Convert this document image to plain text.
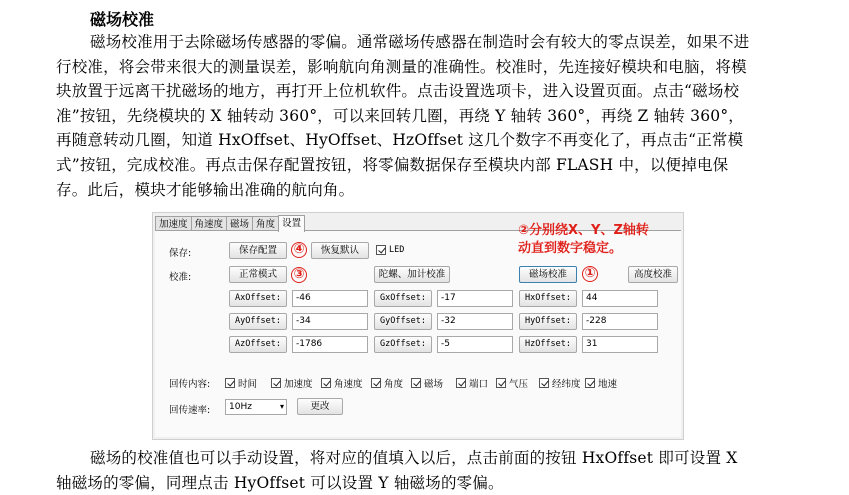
磁场校准

磁场校准用于去除磁场传感器的零偏。通常磁场传感器在制造时会有较大的零点误差，如果不进行校准，将会带来很大的测量误差，影响航向角测量的准确性。校准时，先连接好模块和电脑，将模块放置于远离干扰磁场的地方，再打开上位机软件。点击设置选项卡，进入设置页面。点击“磁场校准”按钮，先绕模块的 X 轴转动 360°，可以来回转几圈，再绕 Y 轴转 360°，再绕 Z 轴转 360°，再随意转动几圈，知道 HxOffset、HyOffset、HzOffset 这几个数字不再变化了，再点击“正常模式”按钮，完成校准。再点击保存配置按钮，将零偏数据保存至模块内部 FLASH 中，以便掉电保存。此后，模块才能够输出准确的航向角。

加速度 角速度 磁场 角度 设置
保存:	保存配置	④	恢复默认	LED
校准:	正常模式	③	陀螺、加计校准	磁场校准	①	高度校准
AxOffset:	-46	GxOffset:	-17	HxOffset:	44
AyOffset:	-34	GyOffset:	-32	HyOffset:	-228
AzOffset:	-1786	GzOffset:	-5	HzOffset:	31
回传内容:	时间	加速度 角速度 角度 磁场	端口 气压	经纬度 地速
回传速率:	10Hz	▾	更改
②分别绕X、Y、Z轴转
动直到数字稳定。

磁场的校准值也可以手动设置，将对应的值填入以后，点击前面的按钮 HxOffset 即可设置 X 轴磁场的零偏，同理点击 HyOffset 可以设置 Y 轴磁场的零偏。
